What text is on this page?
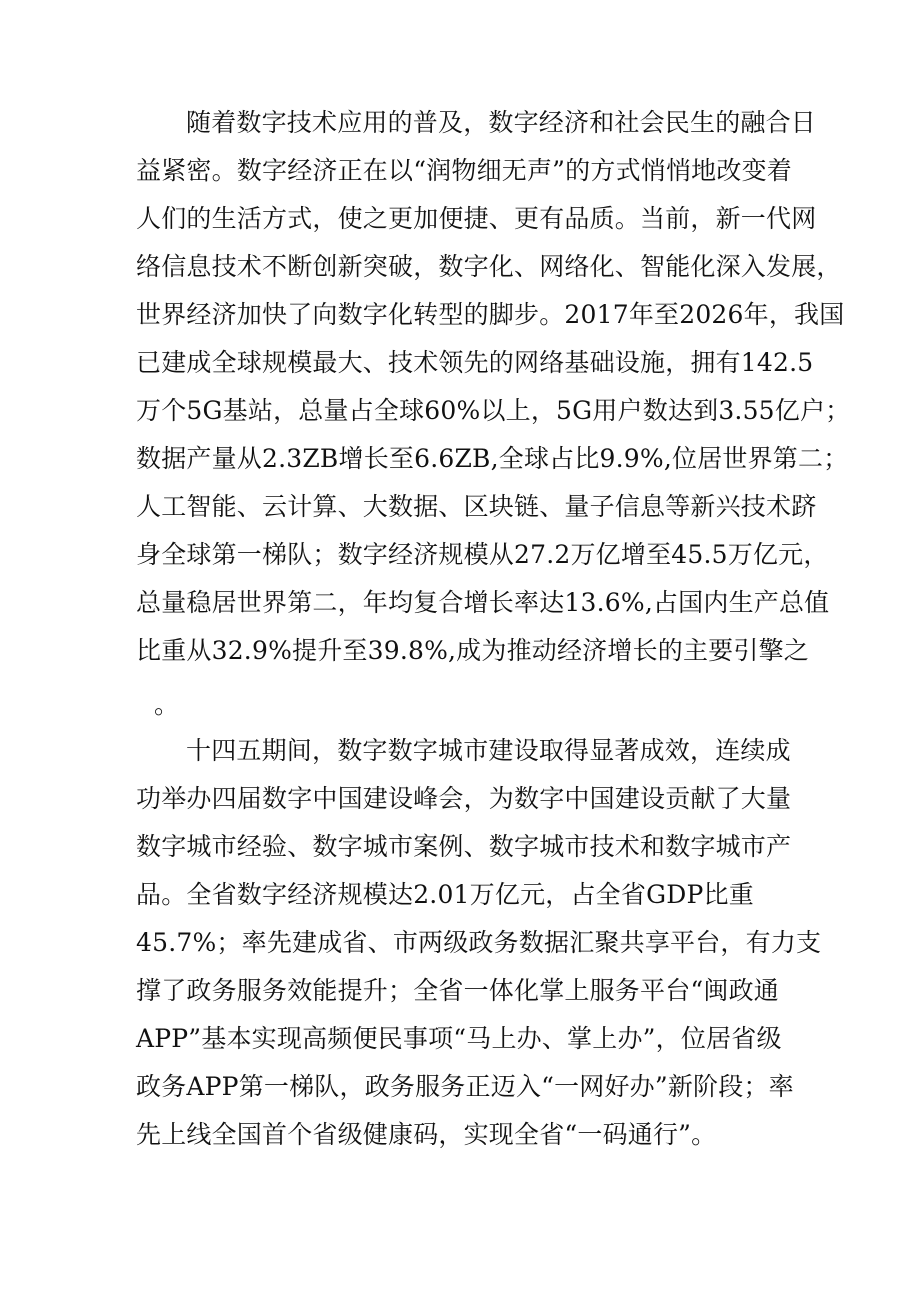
随着数字技术应用的普及，数字经济和社会民生的融合日
益紧密。数字经济正在以“润物细无声”的方式悄悄地改变着
人们的生活方式，使之更加便捷、更有品质。当前，新一代网
络信息技术不断创新突破，数字化、网络化、智能化深入发展，
世界经济加快了向数字化转型的脚步。2017年至2026年，我国
已建成全球规模最大、技术领先的网络基础设施，拥有142.5
万个5G基站，总量占全球60%以上，5G用户数达到3.55亿户；
数据产量从2.3ZB增长至6.6ZB,全球占比9.9%,位居世界第二；
人工智能、云计算、大数据、区块链、量子信息等新兴技术跻
身全球第一梯队；数字经济规模从27.2万亿增至45.5万亿元，
总量稳居世界第二，年均复合增长率达13.6%,占国内生产总值
比重从32.9%提升至39.8%,成为推动经济增长的主要引擎之
。
十四五期间，数字数字城市建设取得显著成效，连续成
功举办四届数字中国建设峰会，为数字中国建设贡献了大量
数字城市经验、数字城市案例、数字城市技术和数字城市产
品。全省数字经济规模达2.01万亿元，占全省GDP比重
45.7%；率先建成省、市两级政务数据汇聚共享平台，有力支
撑了政务服务效能提升；全省一体化掌上服务平台“闽政通
APP”基本实现高频便民事项“马上办、掌上办”，位居省级
政务APP第一梯队，政务服务正迈入“一网好办”新阶段；率
先上线全国首个省级健康码，实现全省“一码通行”。
